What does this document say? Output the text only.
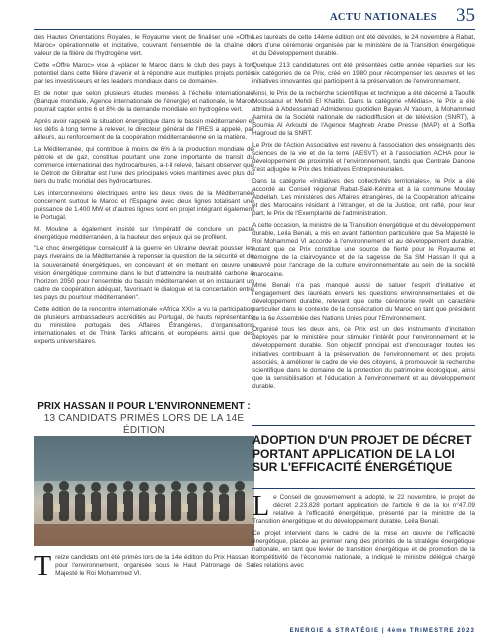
ACTU NATIONALES 35

des Hautes Orientations Royales, le Royaume vient de finaliser une «Offre Maroc» opérationnelle et incitative, couvrant l'ensemble de la chaîne de valeur de la filière de l'hydrogène vert.

Cette «Offre Maroc» vise à «placer le Maroc dans le club des pays à fort potentiel dans cette filière d'avenir et à répondre aux multiples projets portés par les investisseurs et les leaders mondiaux dans ce domaine».

Et de noter que selon plusieurs études menées à l'échelle internationale (Banque mondiale, Agence internationale de l'énergie) et nationale, le Maroc pourrait capter entre 6 et 8% de la demande mondiale en hydrogène vert.

Après avoir rappelé la situation énergétique dans le bassin méditerranéen et les défis à long terme à relever, le directeur général de l'IRES a appelé, par ailleurs, au renforcement de la coopération méditerranéenne en la matière.

La Méditerranée, qui contribue à moins de 6% à la production mondiale de pétrole et de gaz, constitue pourtant une zone importante de transit du commerce international des hydrocarbures, a-t-il relevé, faisant observer que le Détroit de Gibraltar est l'une des principales voies maritimes avec plus du tiers du trafic mondial des hydrocarbures.

Les interconnexions électriques entre les deux rives de la Méditerranée concernent surtout le Maroc et l'Espagne avec deux lignes totalisant une puissance de 1.400 MW et d'autres lignes sont en projet intégrant également le Portugal.

M. Mouline a également insisté sur l'impératif de conclure un pacte énergétique méditerranéen, à la hauteur des enjeux qui se profilent.

"Le choc énergétique consécutif à la guerre en Ukraine devrait pousser les pays riverains de la Méditerranée à repenser la question de la sécurité et de la souveraineté énergétiques, en concevant et en mettant en œuvre une vision énergétique commune dans le but d'atteindre la neutralité carbone à l'horizon 2050 pour l'ensemble du bassin méditerranéen et en instaurant un cadre de coopération adéquat, favorisant le dialogue et la concertation entre les pays du pourtour méditerranéen".

Cette édition de la rencontre internationale «Africa XXI» a vu la participation de plusieurs ambassadeurs accrédités au Portugal, de hauts représentants du ministère portugais des Affaires Étrangères, d'organisations internationales et de Think Tanks africains et européens ainsi que des experts universitaires.

PRIX HASSAN II POUR L'ENVIRONNEMENT :
13 CANDIDATS PRIMÉS LORS DE LA 14E ÉDITION
T reize candidats ont été primés lors de la 14e édition du Prix Hassan II pour l'environnement, organisée sous le Haut Patronage de Sa Majesté le Roi Mohammed VI.

Les lauréats de cette 14ème édition ont été dévoilés, le 24 novembre à Rabat, lors d'une cérémonie organisée par le ministère de la Transition énergétique et du Développement durable.

Quelque 213 candidatures ont été présentées cette année réparties sur les six catégories de ce Prix, créé en 1980 pour récompenser les œuvres et les initiatives innovantes qui participent à la préservation de l'environnement.

Ainsi, le Prix de la recherche scientifique et technique a été décerné à Taoufik Moussaoui et Mehdi El Khatibi. Dans la catégorie «Médias», le Prix a été attribué à Abdessamad Admidenou quotidien Bayan Al Yaoum, à Mohammed Aamira de la Société nationale de radiodiffusion et de télévision (SNRT), à Soumia Al Arkoubi de l'Agence Maghreb Arabe Presse (MAP) et à Soffia Hagroud de la SNRT.

Le Prix de l'Action Associative est revenu à l'association des enseignants des sciences de la vie et de la terre (AESVT) et à l'association ACHA pour le développement de proximité et l'environnement, tandis que Centrale Danone s'est adjugée le Prix des Initiatives Entrepreneuriales.

Dans la catégorie «Initiatives des collectivités territoriales», le Prix a été accordé au Conseil régional Rabat-Salé-Kénitra et à la commune Moulay Abdellah. Les ministères des Affaires étrangères, de la Coopération africaine et des Marocains résidant à l'étranger, et de la Justice, ont raflé, pour leur part, le Prix de l'Exemplarité de l'administration.

A cette occasion, la ministre de la Transition énergétique et du développement durable, Leila Benali, a mis en avant l'attention particulière que Sa Majesté le Roi Mohammed VI accorde à l'environnement et au développement durable, notant que ce Prix constitue une source de fierté pour le Royaume et témoigne de la clairvoyance et de la sagesse de Sa SM Hassan II qui a œuvré pour l'ancrage de la culture environnementale au sein de la société marocaine.

Mme Benali n'a pas manqué aussi de saluer l'esprit d'initiative et l'engagement des lauréats envers les questions environnementales et de développement durable, relevant que cette cérémonie revêt un caractère particulier dans le contexte de la consécration du Maroc en tant que président de la 6e Assemblée des Nations Unies pour l'Environnement.

Organisé tous les deux ans, ce Prix est un des instruments d'incitation déployés par le ministère pour stimuler l'intérêt pour l'environnement et le développement durable. Son objectif principal est d'encourager toutes les initiatives contribuant à la préservation de l'environnement et des projets associés, à améliorer le cadre de vie des citoyens, à promouvoir la recherche scientifique dans le domaine de la protection du patrimoine écologique, ainsi que la sensibilisation et l'éducation à l'environnement et au développement durable.

ADOPTION D'UN PROJET DE DÉCRET PORTANT APPLICATION DE LA LOI SUR L'EFFICACITÉ ÉNERGÉTIQUE

Le Conseil de gouvernement a adopté, le 22 novembre, le projet de décret 2.23.828 portant application de l'article 6 de la loi n°47.09 relative à l'efficacité énergétique, présenté par la ministre de la Transition énergétique et du développement durable, Leila Benali.

Ce projet intervient dans le cadre de la mise en œuvre de l'efficacité énergétique, placée au premier rang des priorités de la stratégie énergétique nationale, en tant que levier de transition énergétique et de promotion de la compétitivité de l'économie nationale, a indiqué le ministre délégué chargé des relations avec

ENERGIE & STRATÉGIE | 4ème TRIMESTRE 2023
